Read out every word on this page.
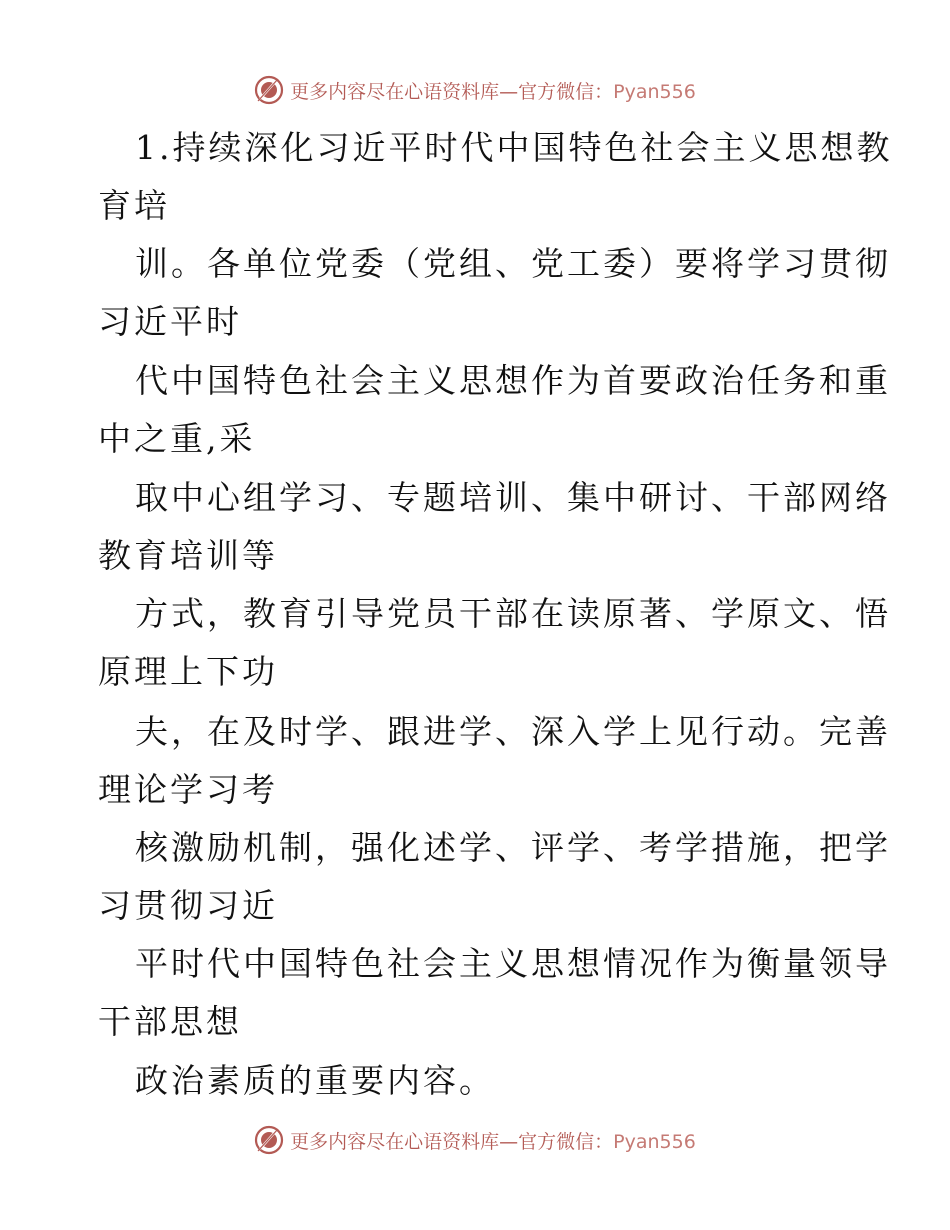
更多内容尽在心语资料库—官方微信：Pyan556
1.持续深化习近平时代中国特色社会主义思想教
育培
训。各单位党委（党组、党工委）要将学习贯彻
习近平时
代中国特色社会主义思想作为首要政治任务和重
中之重,采
取中心组学习、专题培训、集中研讨、干部网络
教育培训等
方式，教育引导党员干部在读原著、学原文、悟
原理上下功
夫，在及时学、跟进学、深入学上见行动。完善
理论学习考
核激励机制，强化述学、评学、考学措施，把学
习贯彻习近
平时代中国特色社会主义思想情况作为衡量领导
干部思想
政治素质的重要内容。
更多内容尽在心语资料库—官方微信：Pyan556
